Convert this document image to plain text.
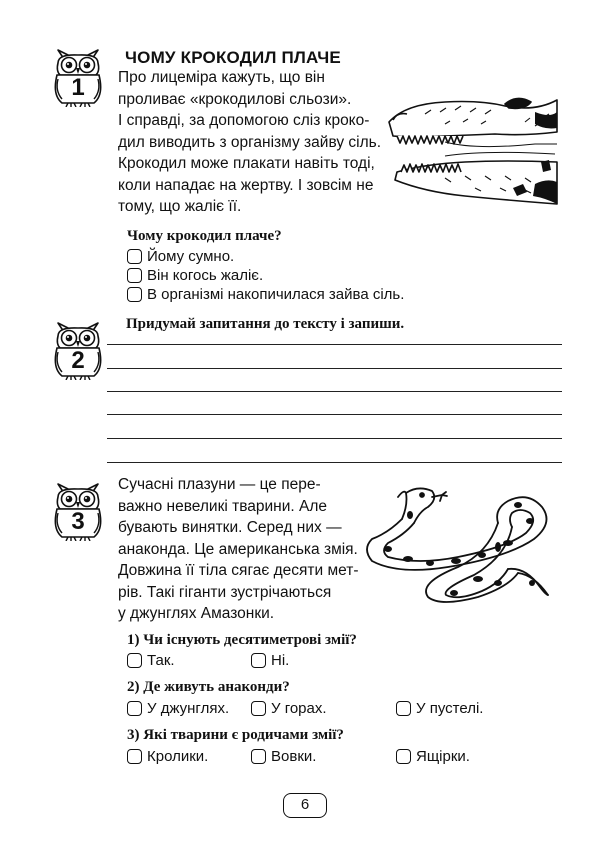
1
ЧОМУ КРОКОДИЛ ПЛАЧЕ
Про лицеміра кажуть, що він
проливає «крокодилові сльози».
І справді, за допомогою сліз кроко-
дил виводить з організму зайву сіль.
Крокодил може плакати навіть тоді,
коли нападає на жертву. І зовсім не
тому, що жаліє її.
Чому крокодил плаче?
Йому сумно.
Він когось жаліє.
В організмі накопичилася зайва сіль.
2
Придумай запитання до тексту і запиши.
3
Сучасні плазуни — це пере-
важно невеликі тварини. Але
бувають винятки. Серед них —
анаконда. Це американська змія.
Довжина її тіла сягає десяти мет-
рів. Такі гіганти зустрічаються
у джунглях Амазонки.
1) Чи існують десятиметрові змії?
Так.	Ні.
2) Де живуть анаконди?
У джунглях.	У горах.	У пустелі.
3) Які тварини є родичами змії?
Кролики.	Вовки.	Ящірки.
6
